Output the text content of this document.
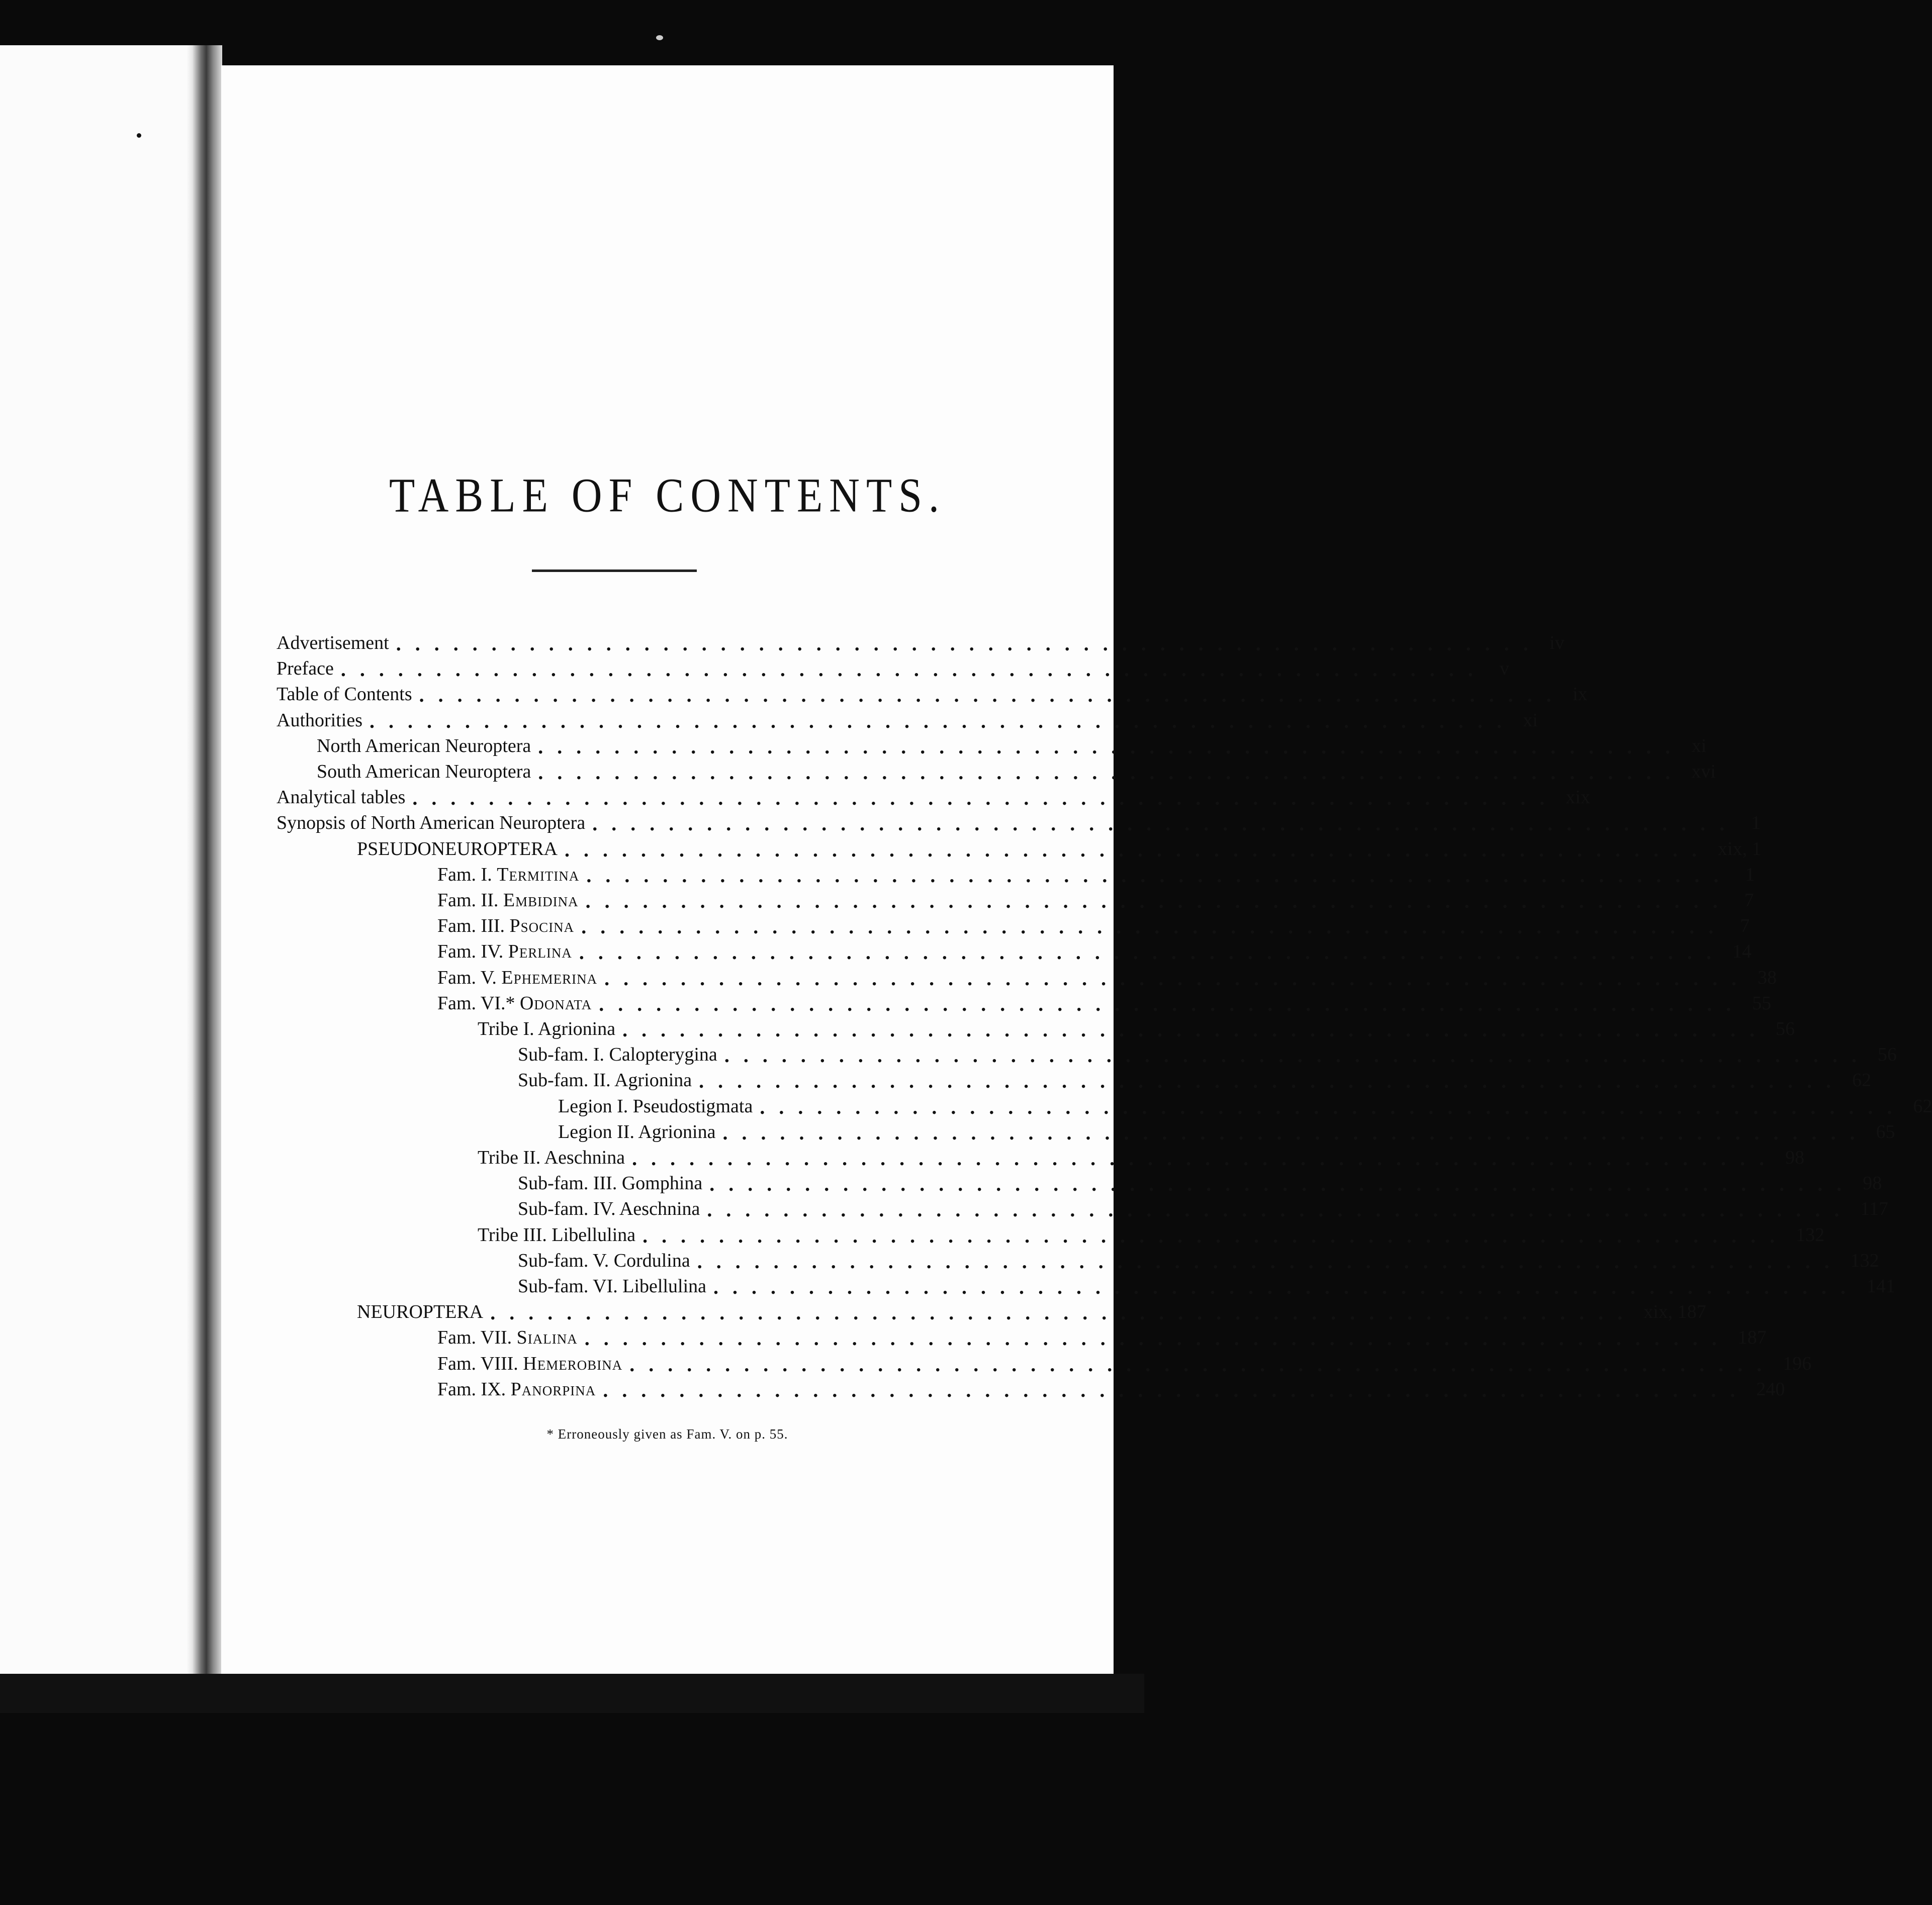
TABLE OF CONTENTS.
Advertisement ............................................................ iv
Preface ............................................................ v
Table of Contents ............................................................ ix
Authorities ............................................................ xi
North American Neuroptera ............................................................ xi
South American Neuroptera ............................................................ xvi
Analytical tables ............................................................ xix
Synopsis of North American Neuroptera ............................................................ 1
PSEUDONEUROPTERA ............................................................ xix, 1
Fam. I. Termitina ............................................................ 1
Fam. II. Embidina ............................................................ 7
Fam. III. Psocina ............................................................ 7
Fam. IV. Perlina ............................................................ 14
Fam. V. Ephemerina ............................................................ 38
Fam. VI.* Odonata ............................................................ 55
Tribe I. Agrionina ............................................................ 56
Sub-fam. I. Calopterygina ............................................................ 56
Sub-fam. II. Agrionina ............................................................ 62
Legion I. Pseudostigmata ............................................................ 62
Legion II. Agrionina ............................................................ 65
Tribe II. Aeschnina ............................................................ 98
Sub-fam. III. Gomphina ............................................................ 98
Sub-fam. IV. Aeschnina ............................................................ 117
Tribe III. Libellulina ............................................................ 132
Sub-fam. V. Cordulina ............................................................ 132
Sub-fam. VI. Libellulina ............................................................ 141
NEUROPTERA ............................................................ xix, 187
Fam. VII. Sialina ............................................................ 187
Fam. VIII. Hemerobina ............................................................ 196
Fam. IX. Panorpina ............................................................ 240
* Erroneously given as Fam. V. on p. 55.
